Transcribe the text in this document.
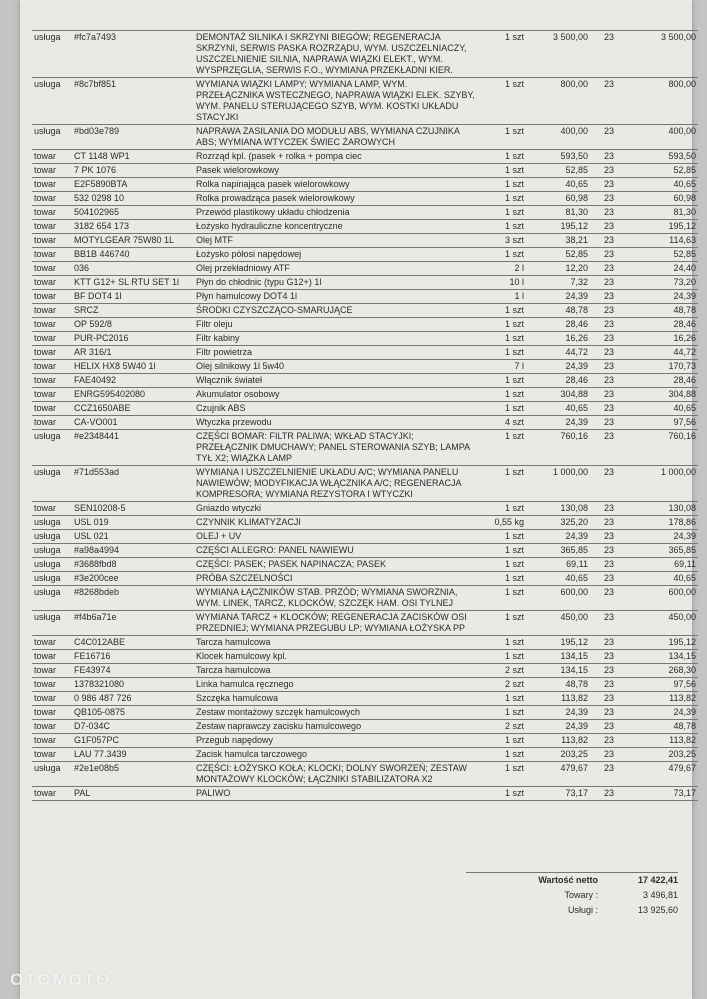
usługa	#fc7a7493	DEMONTAŻ SILNIKA I SKRZYNI BIEGÓW; REGENERACJA SKRZYNI, SERWIS PASKA ROZRZĄDU, WYM. USZCZELNIACZY, USZCZELNIENIE SILNIA, NAPRAWA WIĄZKI ELEKT., WYM. WYSPRZĘGLIA, SERWIS F.O., WYMIANA PRZEKŁADNI KIER.	1 szt	3 500,00	23	3 500,00
usługa	#8c7bf851	WYMIANA WIĄZKI LAMPY; WYMIANA LAMP, WYM. PRZEŁĄCZNIKA WSTECZNEGO, NAPRAWA WIĄZKI ELEK. SZYBY, WYM. PANELU STERUJĄCEGO SZYB, WYM. KOSTKI UKŁADU STACYJKI	1 szt	800,00	23	800,00
usługa	#bd03e789	NAPRAWA ZASILANIA DO MODUŁU ABS, WYMIANA CZUJNIKA ABS; WYMIANA WTYCZEK ŚWIEC ŻAROWYCH	1 szt	400,00	23	400,00
towar	CT 1148 WP1	Rozrząd kpl. (pasek + rolka + pompa ciec	1 szt	593,50	23	593,50
towar	7 PK 1076	Pasek wielorowkowy	1 szt	52,85	23	52,85
towar	E2F5890BTA	Rolka napinająca pasek wielorowkowy	1 szt	40,65	23	40,65
towar	532 0298 10	Rolka prowadząca pasek wielorowkowy	1 szt	60,98	23	60,98
towar	504102965	Przewód plastikowy układu chłodzenia	1 szt	81,30	23	81,30
towar	3182 654 173	Łożysko hydrauliczne koncentryczne	1 szt	195,12	23	195,12
towar	MOTYLGEAR 75W80 1L	Olej MTF	3 szt	38,21	23	114,63
towar	BB1B 446740	Łożysko półosi napędowej	1 szt	52,85	23	52,85
towar	036	Olej przekładniowy ATF	2 l	12,20	23	24,40
towar	KTT G12+ SL RTU SET 1l	Płyn do chłodnic (typu G12+) 1l	10 l	7,32	23	73,20
towar	BF DOT4 1l	Płyn hamulcowy DOT4 1l	1 l	24,39	23	24,39
towar	SRCZ	ŚRODKI CZYSZCZĄCO-SMARUJĄCE	1 szt	48,78	23	48,78
towar	OP 592/8	Filtr oleju	1 szt	28,46	23	28,46
towar	PUR-PC2016	Filtr kabiny	1 szt	16,26	23	16,26
towar	AR 316/1	Filtr powietrza	1 szt	44,72	23	44,72
towar	HELIX HX8 5W40 1l	Olej silnikowy 1l 5w40	7 l	24,39	23	170,73
towar	FAE40492	Włącznik świateł	1 szt	28,46	23	28,46
towar	ENRG595402080	Akumulator osobowy	1 szt	304,88	23	304,88
towar	CCZ1650ABE	Czujnik ABS	1 szt	40,65	23	40,65
towar	CA-VO001	Wtyczka przewodu	4 szt	24,39	23	97,56
usługa	#e2348441	CZĘŚCI BOMAR: FILTR PALIWA; WKŁAD STACYJKI; PRZEŁĄCZNIK DMUCHAWY; PANEL STEROWANIA SZYB; LAMPA TYŁ X2; WIĄZKA LAMP	1 szt	760,16	23	760,16
usługa	#71d553ad	WYMIANA I USZCZELNIENIE UKŁADU A/C; WYMIANA PANELU NAWIEWÓW; MODYFIKACJA WŁĄCZNIKA A/C; REGENERACJA KOMPRESORA; WYMIANA REZYSTORA I WTYCZKI	1 szt	1 000,00	23	1 000,00
towar	SEN10208-5	Gniazdo wtyczki	1 szt	130,08	23	130,08
usługa	USL 019	CZYNNIK KLIMATYZACJI	0,55 kg	325,20	23	178,86
usługa	USL 021	OLEJ + UV	1 szt	24,39	23	24,39
usługa	#a98a4994	CZĘŚCI ALLEGRO: PANEL NAWIEWU	1 szt	365,85	23	365,85
usługa	#3688fbd8	CZĘŚCI: PASEK; PASEK NAPINACZA; PASEK	1 szt	69,11	23	69,11
usługa	#3e200cee	PRÓBA SZCZELNOŚCI	1 szt	40,65	23	40,65
usługa	#8268bdeb	WYMIANA ŁĄCZNIKÓW STAB. PRZÓD; WYMIANA SWORZNIA, WYM. LINEK, TARCZ, KLOCKÓW, SZCZĘK HAM. OSI TYLNEJ	1 szt	600,00	23	600,00
usługa	#f4b6a71e	WYMIANA TARCZ + KLOCKÓW; REGENERACJA ZACISKÓW OSI PRZEDNIEJ; WYMIANA PRZEGUBU LP; WYMIANA ŁOŻYSKA PP	1 szt	450,00	23	450,00
towar	C4C012ABE	Tarcza hamulcowa	1 szt	195,12	23	195,12
towar	FE16716	Klocek hamulcowy kpl.	1 szt	134,15	23	134,15
towar	FE43974	Tarcza hamulcowa	2 szt	134,15	23	268,30
towar	1378321080	Linka hamulca ręcznego	2 szt	48,78	23	97,56
towar	0 986 487 726	Szczęka hamulcowa	1 szt	113,82	23	113,82
towar	QB105-0875	Zestaw montażowy szczęk hamulcowych	1 szt	24,39	23	24,39
towar	D7-034C	Zestaw naprawczy zacisku hamulcowego	2 szt	24,39	23	48,78
towar	G1F057PC	Przegub napędowy	1 szt	113,82	23	113,82
towar	LAU 77.3439	Zacisk hamulca tarczowego	1 szt	203,25	23	203,25
usługa	#2e1e08b5	CZĘŚCI: ŁOŻYSKO KOŁA; KLOCKI; DOLNY SWORZEŃ; ZESTAW MONTAŻOWY KLOCKÓW; ŁĄCZNIKI STABILIZATORA X2	1 szt	479,67	23	479,67
towar	PAL	PALIWO	1 szt	73,17	23	73,17
Wartość netto	17 422,41
Towary :	3 496,81
Usługi :	13 925,60
OTOMOTO
